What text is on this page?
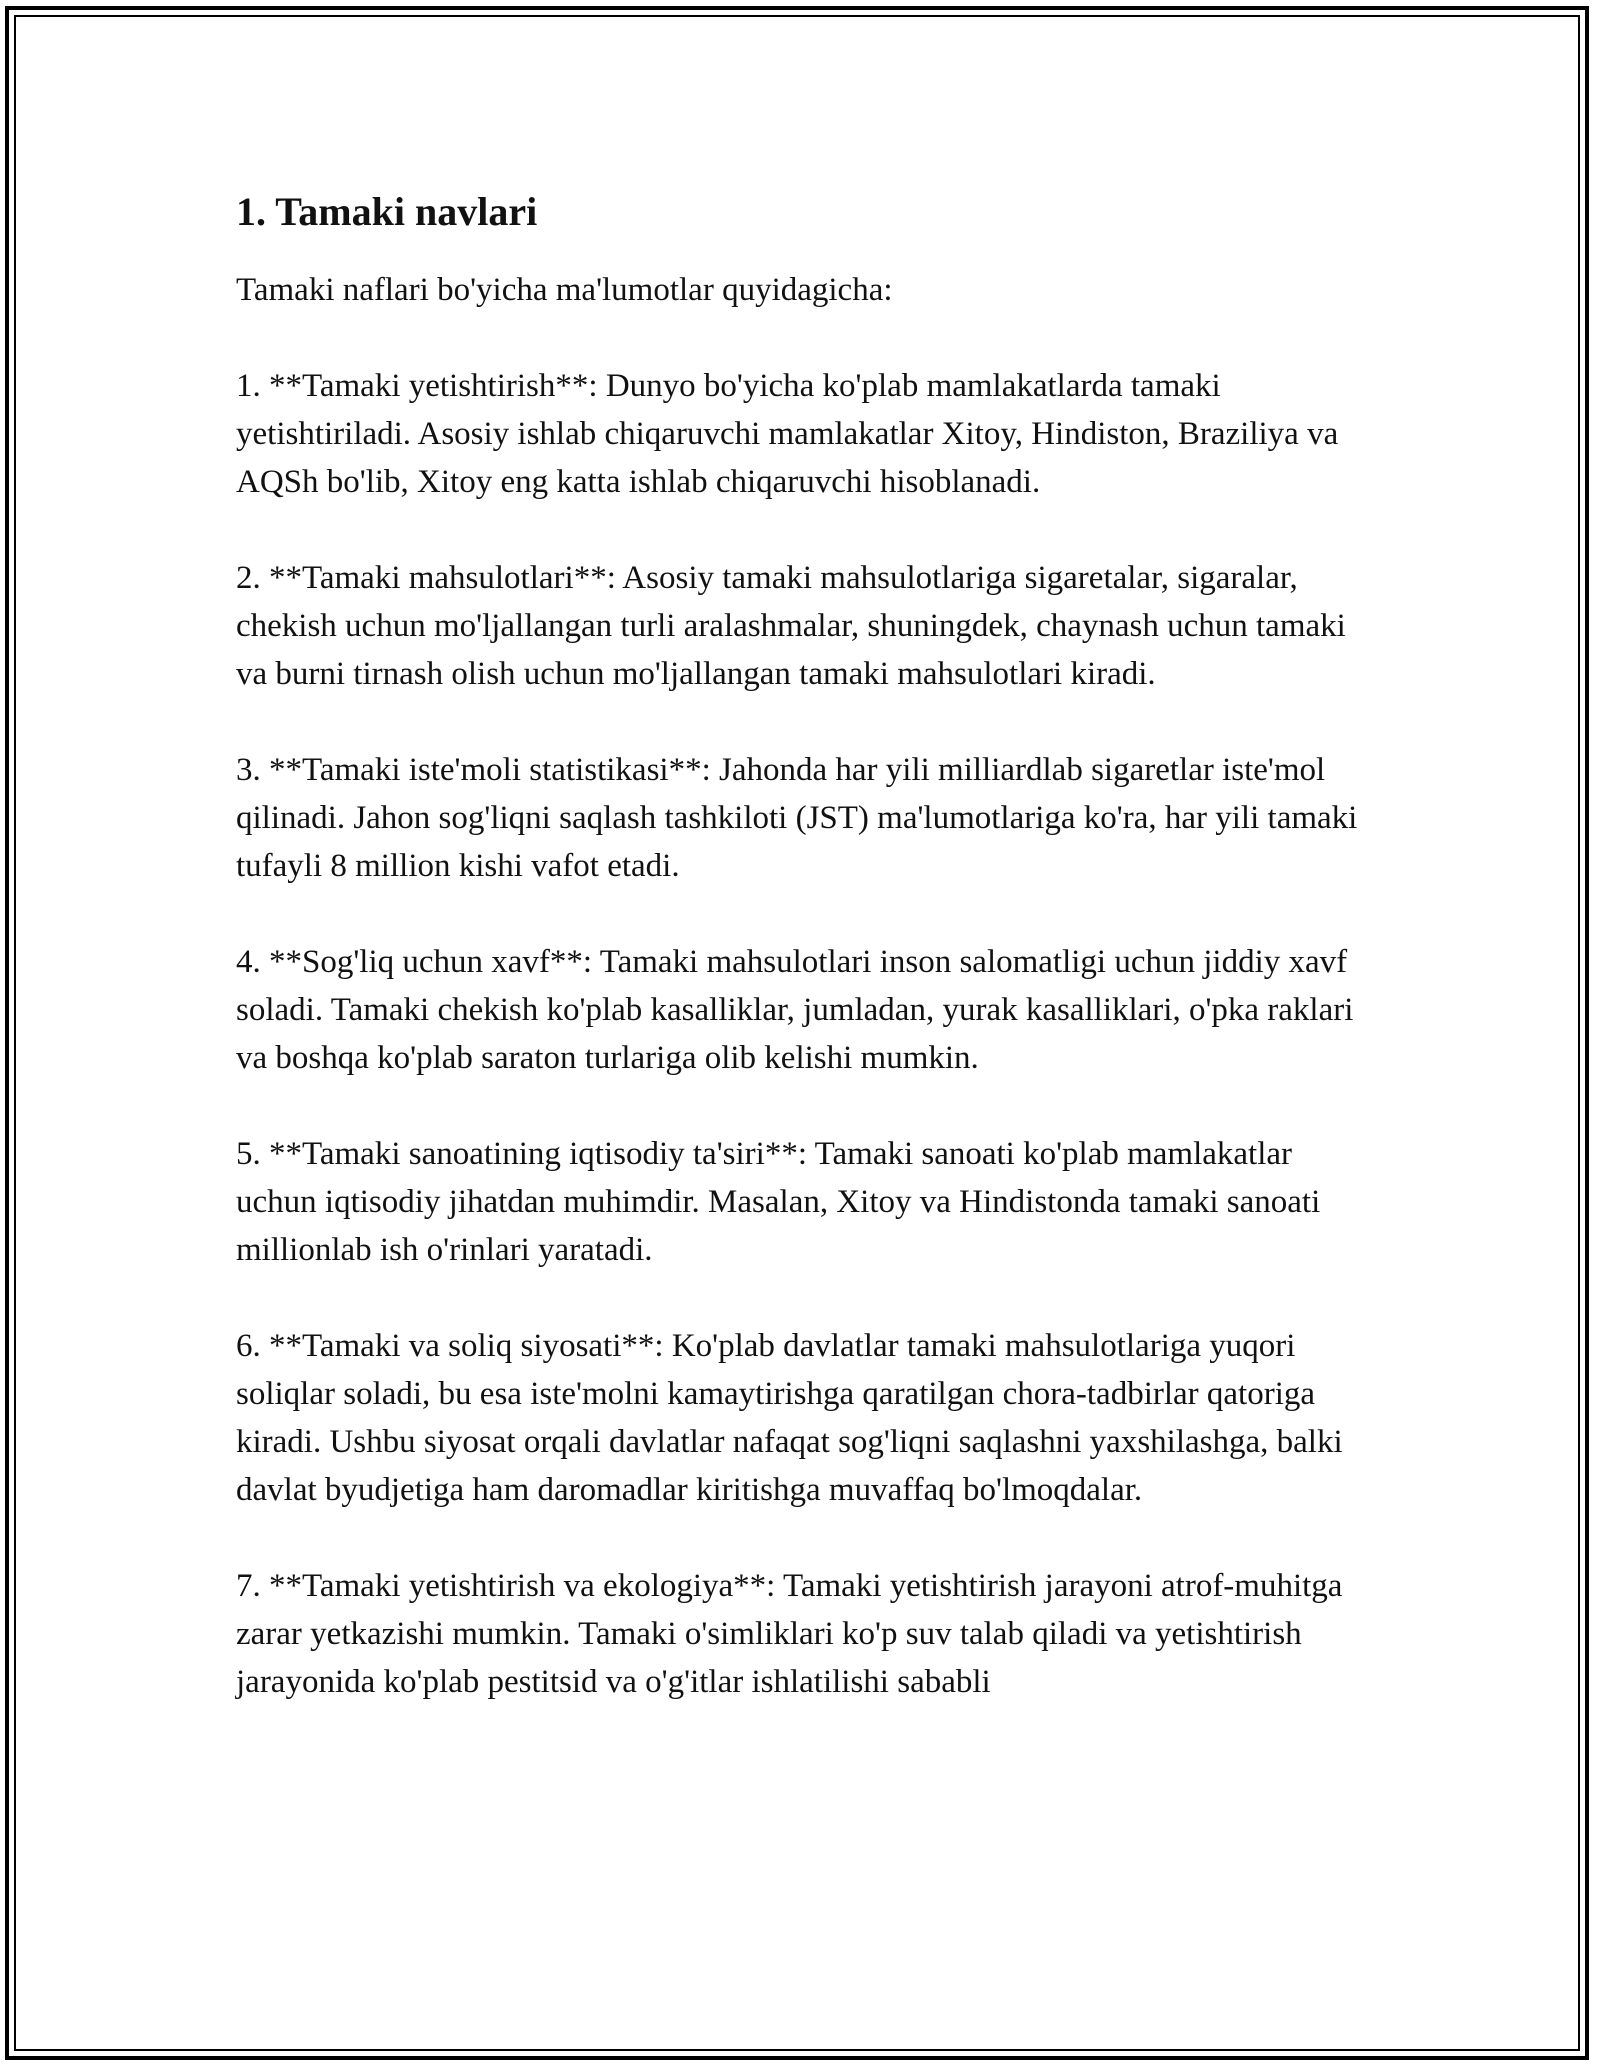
1. Tamaki navlari

Tamaki naflari bo'yicha ma'lumotlar quyidagicha:

1. **Tamaki yetishtirish**: Dunyo bo'yicha ko'plab mamlakatlarda tamaki yetishtiriladi. Asosiy ishlab chiqaruvchi mamlakatlar Xitoy, Hindiston, Braziliya va AQSh bo'lib, Xitoy eng katta ishlab chiqaruvchi hisoblanadi.

2. **Tamaki mahsulotlari**: Asosiy tamaki mahsulotlariga sigaretalar, sigaralar, chekish uchun mo'ljallangan turli aralashmalar, shuningdek, chaynash uchun tamaki va burni tirnash olish uchun mo'ljallangan tamaki mahsulotlari kiradi.

3. **Tamaki iste'moli statistikasi**: Jahonda har yili milliardlab sigaretlar iste'mol qilinadi. Jahon sog'liqni saqlash tashkiloti (JST) ma'lumotlariga ko'ra, har yili tamaki tufayli 8 million kishi vafot etadi.

4. **Sog'liq uchun xavf**: Tamaki mahsulotlari inson salomatligi uchun jiddiy xavf soladi. Tamaki chekish ko'plab kasalliklar, jumladan, yurak kasalliklari, o'pka raklari va boshqa ko'plab saraton turlariga olib kelishi mumkin.

5. **Tamaki sanoatining iqtisodiy ta'siri**: Tamaki sanoati ko'plab mamlakatlar uchun iqtisodiy jihatdan muhimdir. Masalan, Xitoy va Hindistonda tamaki sanoati millionlab ish o'rinlari yaratadi.

6. **Tamaki va soliq siyosati**: Ko'plab davlatlar tamaki mahsulotlariga yuqori soliqlar soladi, bu esa iste'molni kamaytirishga qaratilgan chora-tadbirlar qatoriga kiradi. Ushbu siyosat orqali davlatlar nafaqat sog'liqni saqlashni yaxshilashga, balki davlat byudjetiga ham daromadlar kiritishga muvaffaq bo'lmoqdalar.

7. **Tamaki yetishtirish va ekologiya**: Tamaki yetishtirish jarayoni atrof-muhitga zarar yetkazishi mumkin. Tamaki o'simliklari ko'p suv talab qiladi va yetishtirish jarayonida ko'plab pestitsid va o'g'itlar ishlatilishi sababli
